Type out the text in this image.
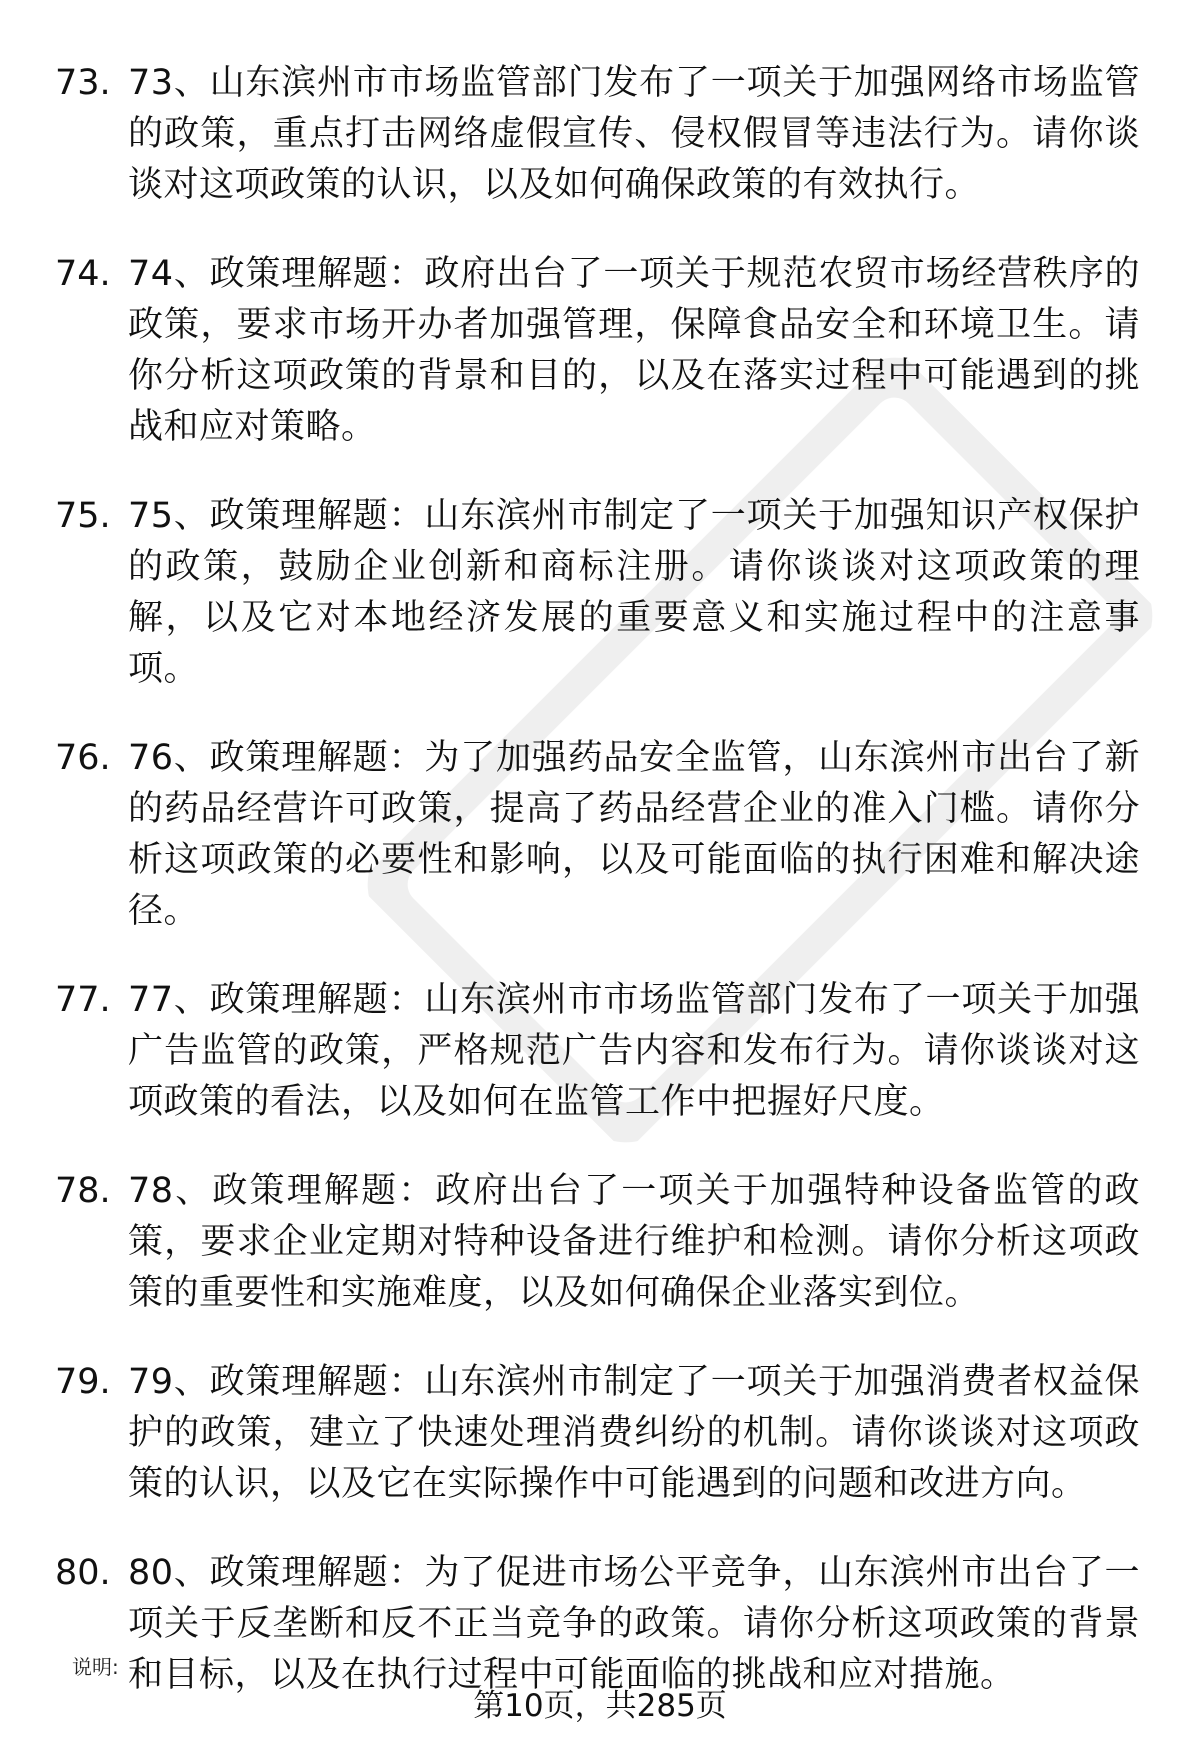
73. 73、山东滨州市市场监管部门发布了一项关于加强网络市场监管的政策，重点打击网络虚假宣传、侵权假冒等违法行为。请你谈谈对这项政策的认识，以及如何确保政策的有效执行。
74. 74、政策理解题：政府出台了一项关于规范农贸市场经营秩序的政策，要求市场开办者加强管理，保障食品安全和环境卫生。请你分析这项政策的背景和目的，以及在落实过程中可能遇到的挑战和应对策略。
75. 75、政策理解题：山东滨州市制定了一项关于加强知识产权保护的政策，鼓励企业创新和商标注册。请你谈谈对这项政策的理解，以及它对本地经济发展的重要意义和实施过程中的注意事项。
76. 76、政策理解题：为了加强药品安全监管，山东滨州市出台了新的药品经营许可政策，提高了药品经营企业的准入门槛。请你分析这项政策的必要性和影响，以及可能面临的执行困难和解决途径。
77. 77、政策理解题：山东滨州市市场监管部门发布了一项关于加强广告监管的政策，严格规范广告内容和发布行为。请你谈谈对这项政策的看法，以及如何在监管工作中把握好尺度。
78. 78、政策理解题：政府出台了一项关于加强特种设备监管的政策，要求企业定期对特种设备进行维护和检测。请你分析这项政策的重要性和实施难度，以及如何确保企业落实到位。
79. 79、政策理解题：山东滨州市制定了一项关于加强消费者权益保护的政策，建立了快速处理消费纠纷的机制。请你谈谈对这项政策的认识，以及它在实际操作中可能遇到的问题和改进方向。
80. 80、政策理解题：为了促进市场公平竞争，山东滨州市出台了一项关于反垄断和反不正当竞争的政策。请你分析这项政策的背景和目标，以及在执行过程中可能面临的挑战和应对措施。
说明:
第10页，共285页
